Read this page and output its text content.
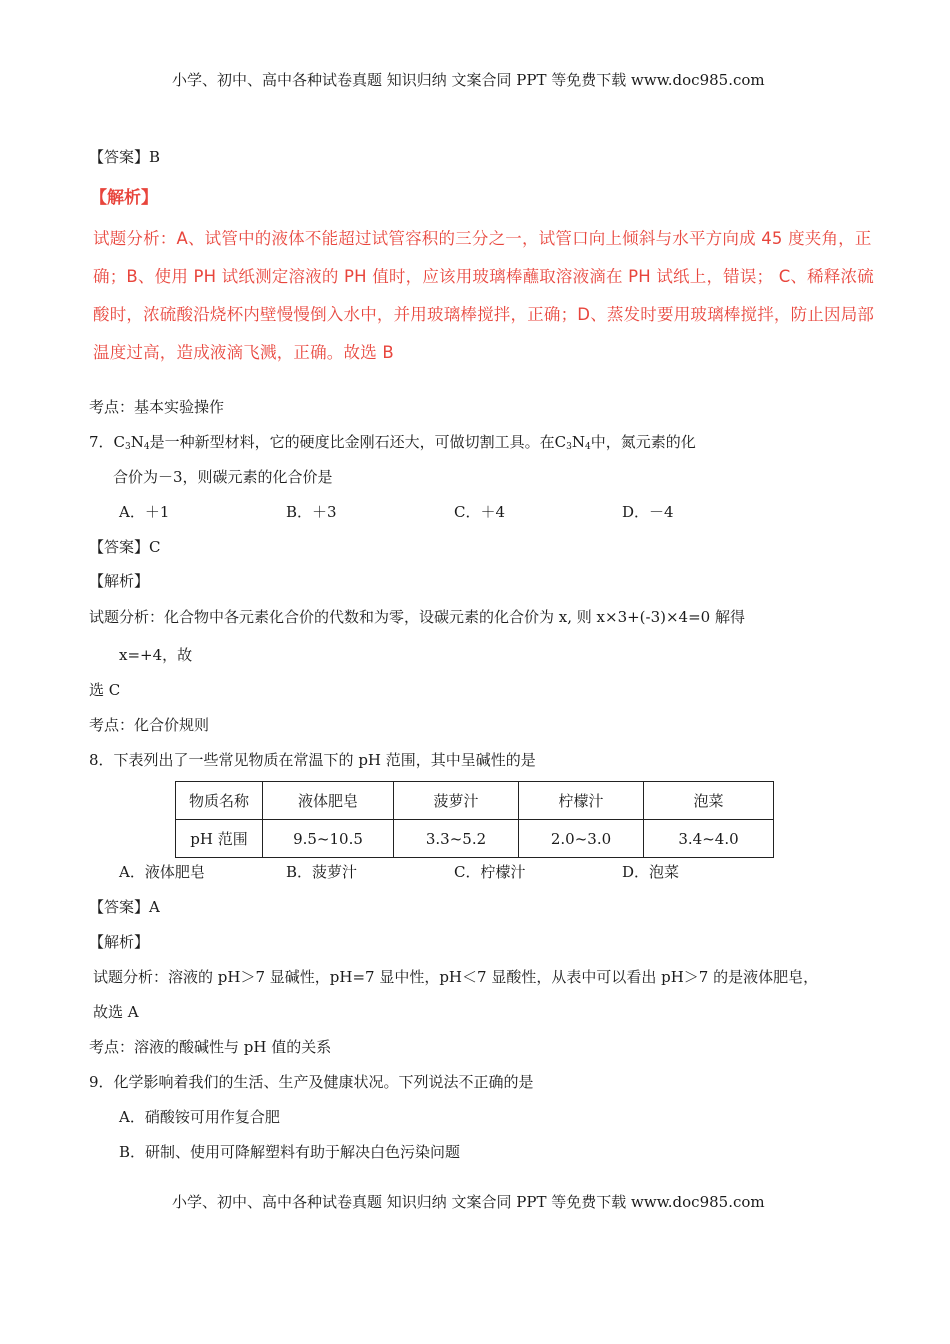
小学、初中、高中各种试卷真题 知识归纳 文案合同 PPT 等免费下载 www.doc985.com
【答案】B
【解析】
试题分析：A、试管中的液体不能超过试管容积的三分之一，试管口向上倾斜与水平方向成 45 度夹角，正
确；B、使用 PH 试纸测定溶液的 PH 值时，应该用玻璃棒蘸取溶液滴在 PH 试纸上，错误； C、稀释浓硫
酸时，浓硫酸沿烧杯内壁慢慢倒入水中，并用玻璃棒搅拌，正确；D、蒸发时要用玻璃棒搅拌，防止因局部
温度过高，造成液滴飞溅，正确。故选 B
考点：基本实验操作
7．$C_3N_4$是一种新型材料，它的硬度比金刚石还大，可做切割工具。在$C_3N_4$中，氮元素的化
合价为－3，则碳元素的化合价是
A．＋1	B．＋3	C．＋4	D．－4
【答案】C
【解析】
试题分析：化合物中各元素化合价的代数和为零，设碳元素的化合价为 x, 则 x×3+(-3)×4=0 解得
x=+4，故
选 C
考点：化合价规则
8．下表列出了一些常见物质在常温下的 pH 范围，其中呈碱性的是
物质名称	液体肥皂	菠萝汁	柠檬汁	泡菜
pH 范围	9.5~10.5	3.3~5.2	2.0~3.0	3.4~4.0
A．液体肥皂	B．菠萝汁	C．柠檬汁	D．泡菜
【答案】A
【解析】
试题分析：溶液的 pH＞7 显碱性，pH=7 显中性，pH＜7 显酸性，从表中可以看出 pH＞7 的是液体肥皂，
故选 A
考点：溶液的酸碱性与 pH 值的关系
9．化学影响着我们的生活、生产及健康状况。下列说法不正确的是
A．硝酸铵可用作复合肥
B．研制、使用可降解塑料有助于解决白色污染问题
小学、初中、高中各种试卷真题 知识归纳 文案合同 PPT 等免费下载 www.doc985.com
